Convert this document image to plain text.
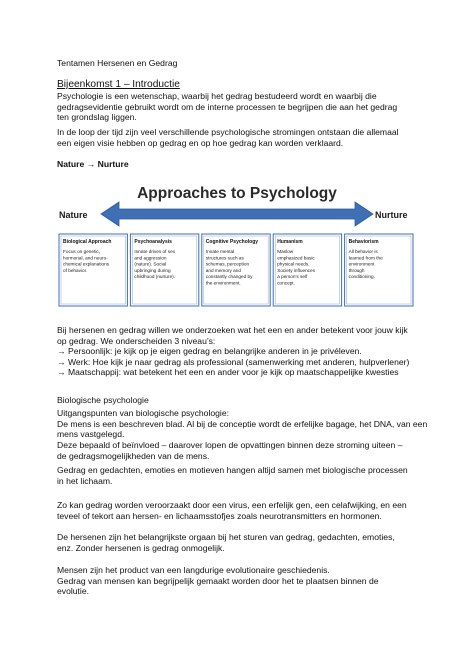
Tentamen Hersenen en Gedrag
Bijeenkomst 1 – Introductie
Psychologie is een wetenschap, waarbij het gedrag bestudeerd wordt en waarbij die
gedragsevidentie gebruikt wordt om de interne processen te begrijpen die aan het gedrag
ten grondslag liggen.
In de loop der tijd zijn veel verschillende psychologische stromingen ontstaan die allemaal
een eigen visie hebben op gedrag en op hoe gedrag kan worden verklaard.
Nature → Nurture
Approaches to Psychology
Nature	Nurture
Biological Approach
Focus on genetic,
hormonal, and neuro-
chemical explanations
of behavior.
Psychoanalysis
Innate drives of sex
and aggression
(nature). Social
upbringing during
childhood (nurture).
Cognitive Psychology
Innate mental
structures such as
schemas, perception
and memory and
constantly changed by
the environment.
Humanism
Maslow
emphasized basic
physical needs.
Society influences
a person’s self
concept.
Behaviorism
All behavior is
learned from the
environment
through
conditioning.
Bij hersenen en gedrag willen we onderzoeken wat het een en ander betekent voor jouw kijk
op gedrag. We onderscheiden 3 niveau’s:
→ Persoonlijk: je kijk op je eigen gedrag en belangrijke anderen in je privéleven.
→ Werk: Hoe kijk je naar gedrag als professional (samenwerking met anderen, hulpverlener)
→ Maatschappij: wat betekent het een en ander voor je kijk op maatschappelijke kwesties
Biologische psychologie
Uitgangspunten van biologische psychologie:
De mens is een beschreven blad. Al bij de conceptie wordt de erfelijke bagage, het DNA, van een
mens vastgelegd.
Deze bepaald of beïnvloed – daarover lopen de opvattingen binnen deze stroming uiteen –
de gedragsmogelijkheden van de mens.
Gedrag en gedachten, emoties en motieven hangen altijd samen met biologische processen
in het lichaam.
Zo kan gedrag worden veroorzaakt door een virus, een erfelijk gen, een celafwijking, en een
teveel of tekort aan hersen- en lichaamsstofjes zoals neurotransmitters en hormonen.
De hersenen zijn het belangrijkste orgaan bij het sturen van gedrag, gedachten, emoties,
enz. Zonder hersenen is gedrag onmogelijk.
Mensen zijn het product van een langdurige evolutionaire geschiedenis.
Gedrag van mensen kan begrijpelijk gemaakt worden door het te plaatsen binnen de
evolutie.
